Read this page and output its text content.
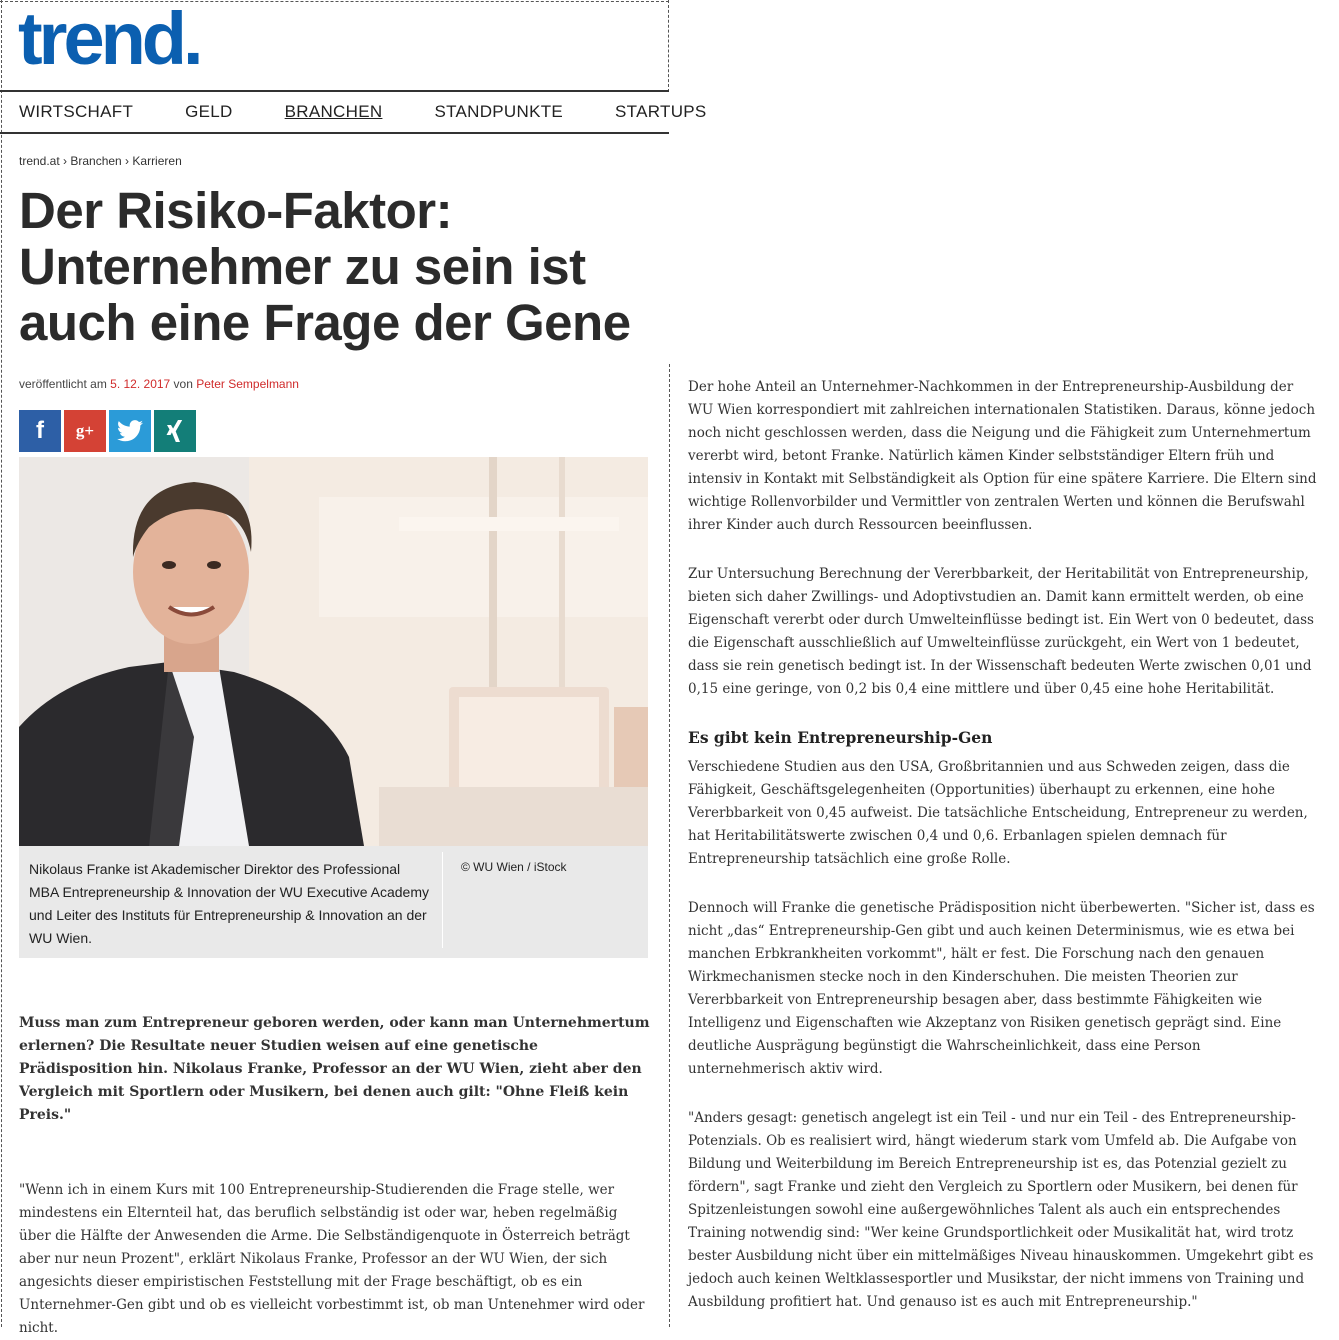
trend.
WIRTSCHAFT	GELD	BRANCHEN	STANDPUNKTE	STARTUPS
trend.at › Branchen › Karrieren
Der Risiko-Faktor: Unternehmer zu sein ist auch eine Frage der Gene
veröffentlicht am 5. 12. 2017 von Peter Sempelmann
f g+
Nikolaus Franke ist Akademischer Direktor des Professional MBA Entrepreneurship & Innovation der WU Executive Academy und Leiter des Instituts für Entrepreneurship & Innovation an der WU Wien.
© WU Wien / iStock

Muss man zum Entrepreneur geboren werden, oder kann man Unternehmertum erlernen? Die Resultate neuer Studien weisen auf eine genetische Prädisposition hin. Nikolaus Franke, Professor an der WU Wien, zieht aber den Vergleich mit Sportlern oder Musikern, bei denen auch gilt: "Ohne Fleiß kein Preis."

"Wenn ich in einem Kurs mit 100 Entrepreneurship-Studierenden die Frage stelle, wer mindestens ein Elternteil hat, das beruflich selbständig ist oder war, heben regelmäßig über die Hälfte der Anwesenden die Arme. Die Selbständigenquote in Österreich beträgt aber nur neun Prozent", erklärt Nikolaus Franke, Professor an der WU Wien, der sich angesichts dieser empiristischen Feststellung mit der Frage beschäftigt, ob es ein Unternehmer-Gen gibt und ob es vielleicht vorbestimmt ist, ob man Untenehmer wird oder nicht.

Der hohe Anteil an Unternehmer-Nachkommen in der Entrepreneurship-Ausbildung der WU Wien korrespondiert mit zahlreichen internationalen Statistiken. Daraus, könne jedoch noch nicht geschlossen werden, dass die Neigung und die Fähigkeit zum Unternehmertum vererbt wird, betont Franke. Natürlich kämen Kinder selbstständiger Eltern früh und intensiv in Kontakt mit Selbständigkeit als Option für eine spätere Karriere. Die Eltern sind wichtige Rollenvorbilder und Vermittler von zentralen Werten und können die Berufswahl ihrer Kinder auch durch Ressourcen beeinflussen.

Zur Untersuchung Berechnung der Vererbbarkeit, der Heritabilität von Entrepreneurship, bieten sich daher Zwillings- und Adoptivstudien an. Damit kann ermittelt werden, ob eine Eigenschaft vererbt oder durch Umwelteinflüsse bedingt ist. Ein Wert von 0 bedeutet, dass die Eigenschaft ausschließlich auf Umwelteinflüsse zurückgeht, ein Wert von 1 bedeutet, dass sie rein genetisch bedingt ist. In der Wissenschaft bedeuten Werte zwischen 0,01 und 0,15 eine geringe, von 0,2 bis 0,4 eine mittlere und über 0,45 eine hohe Heritabilität.

Es gibt kein Entrepreneurship-Gen

Verschiedene Studien aus den USA, Großbritannien und aus Schweden zeigen, dass die Fähigkeit, Geschäftsgelegenheiten (Opportunities) überhaupt zu erkennen, eine hohe Vererbbarkeit von 0,45 aufweist. Die tatsächliche Entscheidung, Entrepreneur zu werden, hat Heritabilitätswerte zwischen 0,4 und 0,6. Erbanlagen spielen demnach für Entrepreneurship tatsächlich eine große Rolle.

Dennoch will Franke die genetische Prädisposition nicht überbewerten. "Sicher ist, dass es nicht „das“ Entrepreneurship-Gen gibt und auch keinen Determinismus, wie es etwa bei manchen Erbkrankheiten vorkommt", hält er fest. Die Forschung nach den genauen Wirkmechanismen stecke noch in den Kinderschuhen. Die meisten Theorien zur Vererbbarkeit von Entrepreneurship besagen aber, dass bestimmte Fähigkeiten wie Intelligenz und Eigenschaften wie Akzeptanz von Risiken genetisch geprägt sind. Eine deutliche Ausprägung begünstigt die Wahrscheinlichkeit, dass eine Person unternehmerisch aktiv wird.

"Anders gesagt: genetisch angelegt ist ein Teil - und nur ein Teil - des Entrepreneurship-Potenzials. Ob es realisiert wird, hängt wiederum stark vom Umfeld ab. Die Aufgabe von Bildung und Weiterbildung im Bereich Entrepreneurship ist es, das Potenzial gezielt zu fördern", sagt Franke und zieht den Vergleich zu Sportlern oder Musikern, bei denen für Spitzenleistungen sowohl eine außergewöhnliches Talent als auch ein entsprechendes Training notwendig sind: "Wer keine Grundsportlichkeit oder Musikalität hat, wird trotz bester Ausbildung nicht über ein mittelmäßiges Niveau hinauskommen. Umgekehrt gibt es jedoch auch keinen Weltklassesportler und Musikstar, der nicht immens von Training und Ausbildung profitiert hat. Und genauso ist es auch mit Entrepreneurship."
